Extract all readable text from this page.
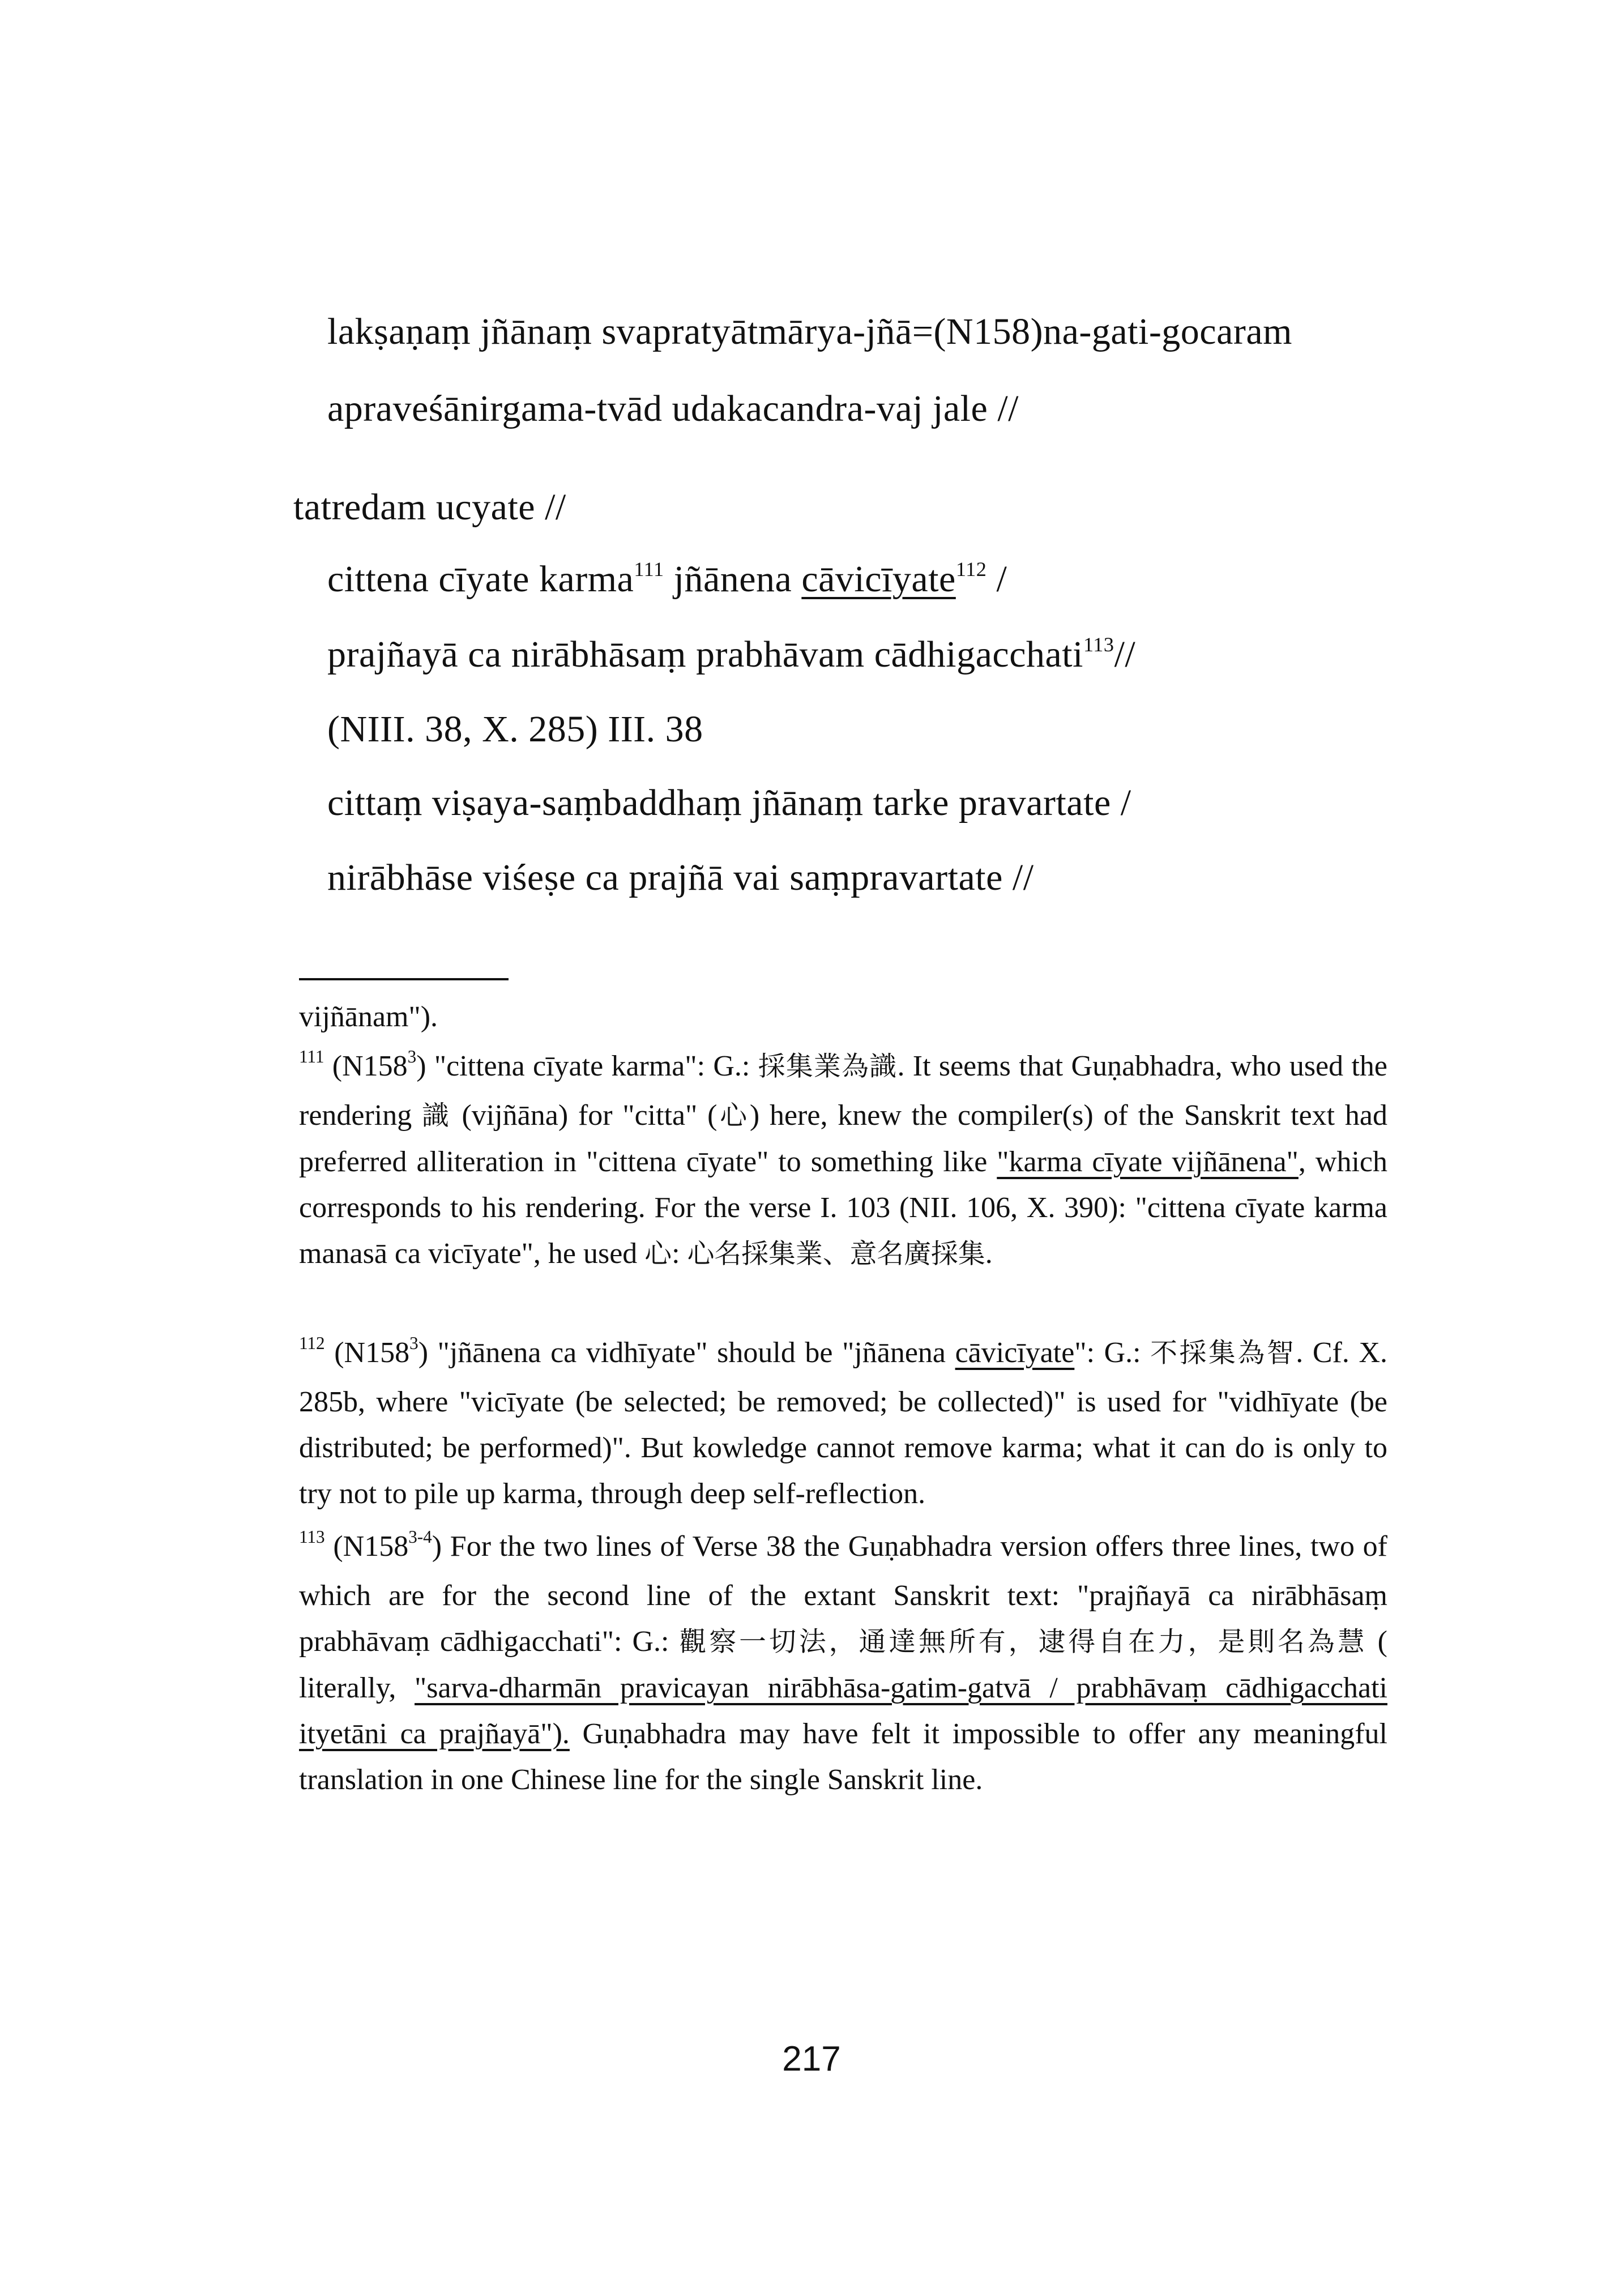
lakṣaṇaṃ jñānaṃ svapratyātmārya-jñā=(N158)na-gati-gocaram
apraveśānirgama-tvād udakacandra-vaj jale //
tatredam ucyate //
cittena cīyate karma$^{111}$ jñānena cāvicīyate$^{112}$ /
prajñayā ca nirābhāsaṃ prabhāvam cādhigacchati$^{113}$//
(NIII. 38, X. 285) III. 38
cittaṃ viṣaya-saṃbaddhaṃ jñānaṃ tarke pravartate /
nirābhāse viśeṣe ca prajñā vai saṃpravartate //
vijñānam").
$^{111}$ $(N158^3)$ "cittena cīyate karma": G.: 採集業為識. It seems that Guṇabhadra, who used the rendering 識 (vijñāna) for "citta" (心) here, knew the compiler(s) of the Sanskrit text had preferred alliteration in "cittena cīyate" to something like "karma cīyate vijñānena", which corresponds to his rendering. For the verse I. 103 (NII. 106, X. 390): "cittena cīyate karma manasā ca vicīyate", he used 心: 心名採集業、意名廣採集.
$^{112}$ $(N158^3)$ "jñānena ca vidhīyate" should be "jñānena cāvicīyate": G.: 不採集為智. Cf. X. 285b, where "vicīyate (be selected; be removed; be collected)" is used for "vidhīyate (be distributed; be performed)". But kowledge cannot remove karma; what it can do is only to try not to pile up karma, through deep self-reflection.
$^{113}$ (N158$^{3-4}$) For the two lines of Verse 38 the Guṇabhadra version offers three lines, two of which are for the second line of the extant Sanskrit text: "prajñayā ca nirābhāsaṃ prabhāvaṃ cādhigacchati": G.: 觀察一切法，通達無所有，逮得自在力，是則名為慧 ( literally, "sarva-dharmān pravicayan nirābhāsa-gatim-gatvā / prabhāvaṃ cādhigacchati ityetāni ca prajñayā"). Guṇabhadra may have felt it impossible to offer any meaningful translation in one Chinese line for the single Sanskrit line.
217
